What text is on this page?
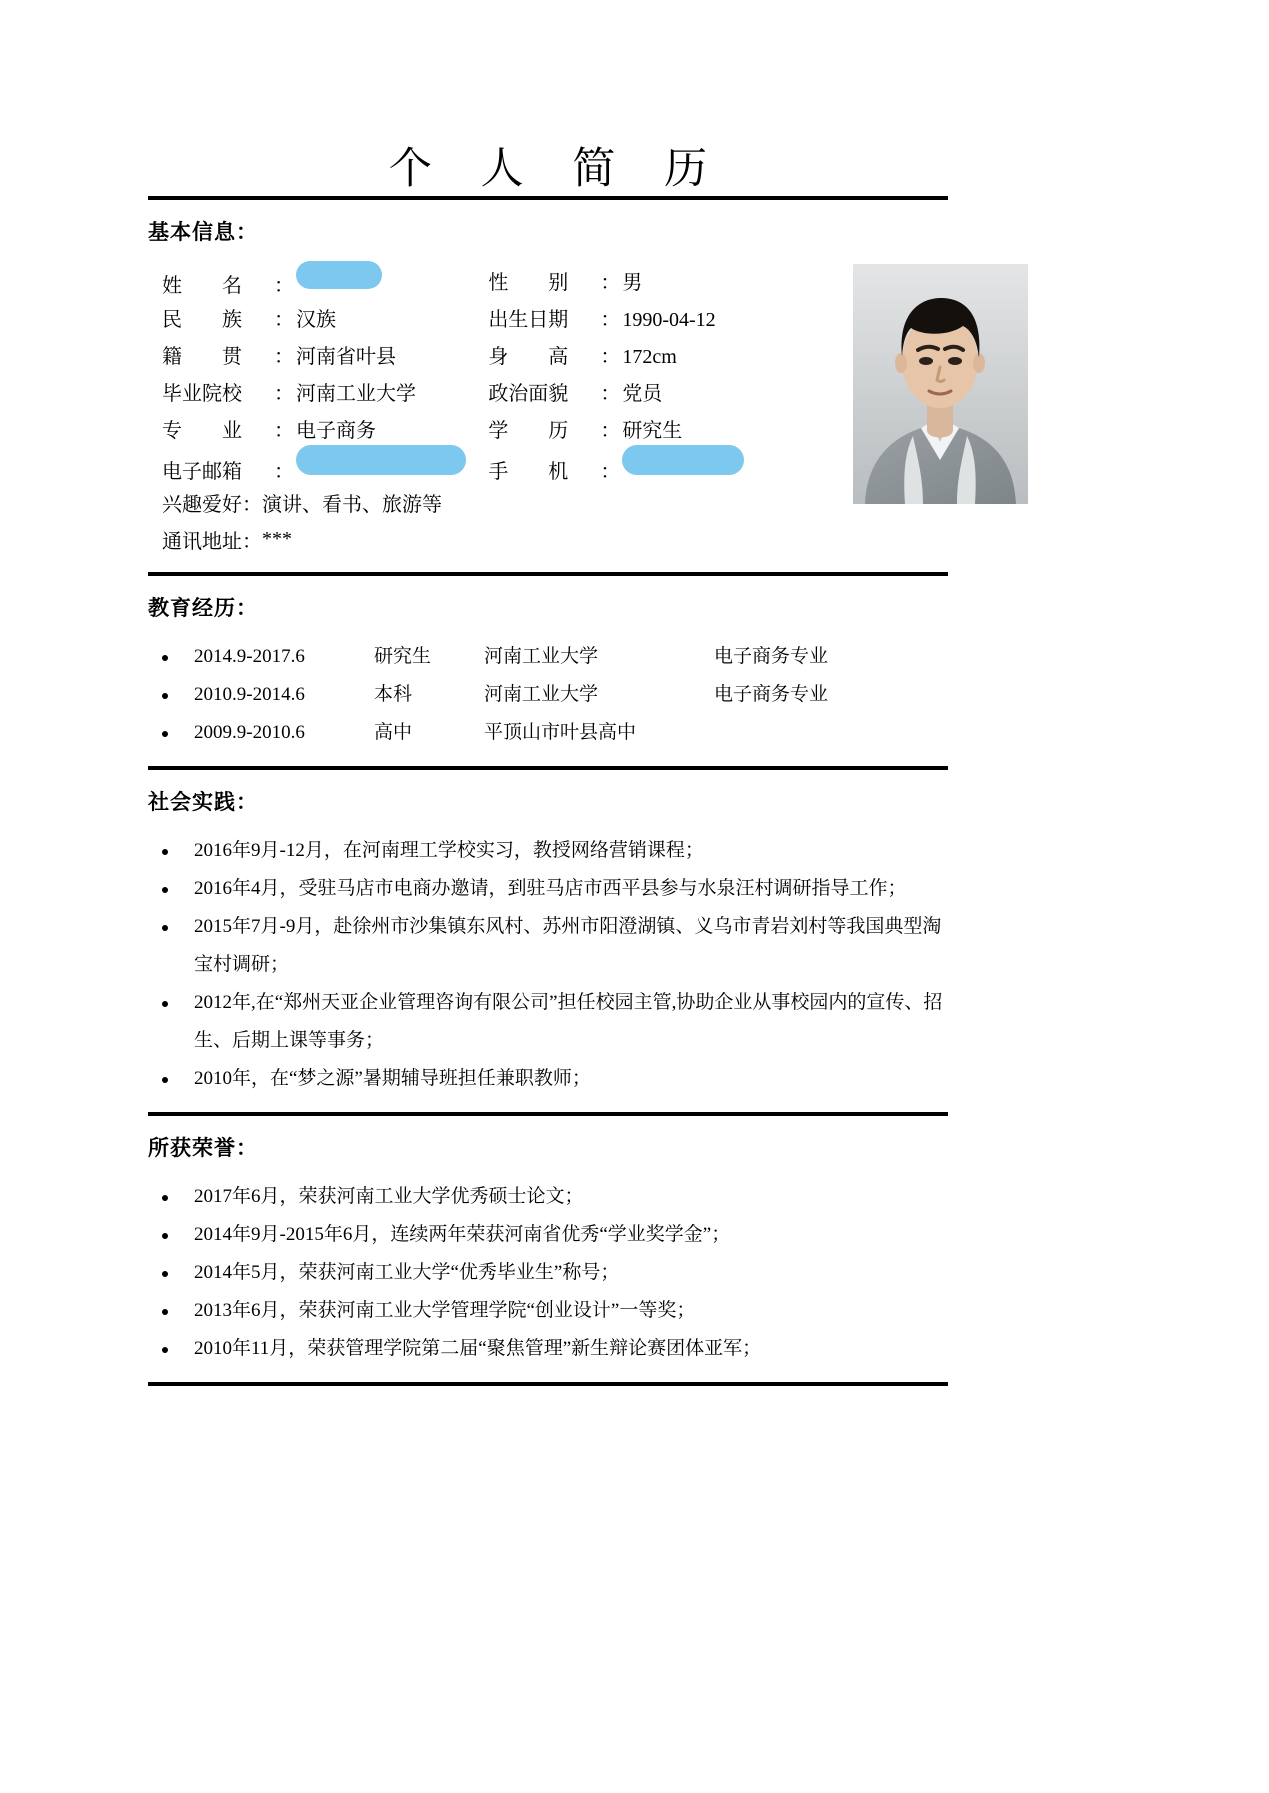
个 人 简 历
基本信息：
姓　　名	：	性　　别	： 男
民　　族	： 汉族	出生日期	： 1990-04-12
籍　　贯	： 河南省叶县	身　　高	： 172cm
毕业院校	： 河南工业大学	政治面貌	： 党员
专　　业	： 电子商务	学　　历	： 研究生
电子邮箱	：	手　　机	：
兴趣爱好： 演讲、看书、旅游等
通讯地址： ***
教育经历：
2014.9-2017.6	研究生	河南工业大学	电子商务专业
2010.9-2014.6	本科	河南工业大学	电子商务专业
2009.9-2010.6	高中	平顶山市叶县高中
社会实践：
2016年9月-12月，在河南理工学校实习，教授网络营销课程；
2016年4月，受驻马店市电商办邀请，到驻马店市西平县参与水泉汪村调研指导工作；
2015年7月-9月，赴徐州市沙集镇东风村、苏州市阳澄湖镇、义乌市青岩刘村等我国典型淘宝村调研；
2012年,在“郑州天亚企业管理咨询有限公司”担任校园主管,协助企业从事校园内的宣传、招生、后期上课等事务；
2010年，在“梦之源”暑期辅导班担任兼职教师；
所获荣誉：
2017年6月，荣获河南工业大学优秀硕士论文；
2014年9月-2015年6月，连续两年荣获河南省优秀“学业奖学金”；
2014年5月，荣获河南工业大学“优秀毕业生”称号；
2013年6月，荣获河南工业大学管理学院“创业设计”一等奖；
2010年11月，荣获管理学院第二届“聚焦管理”新生辩论赛团体亚军；
